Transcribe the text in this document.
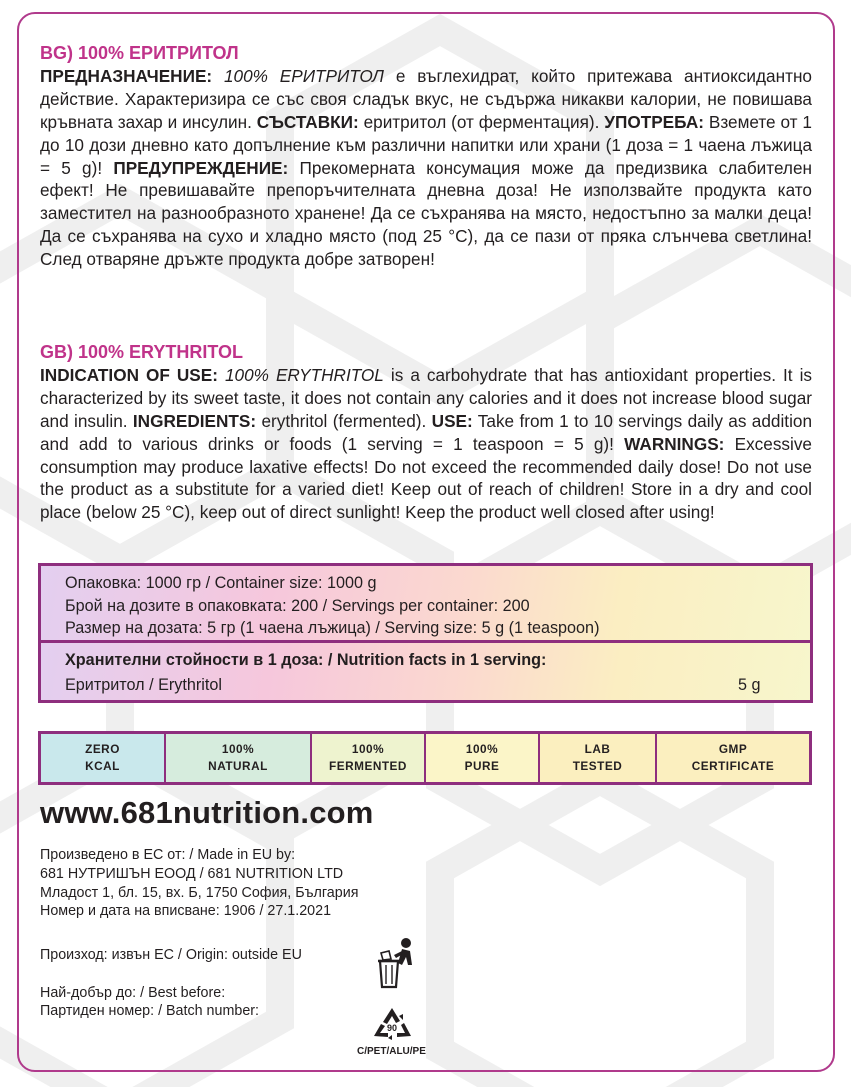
BG) 100% ЕРИТРИТОЛ
ПРЕДНАЗНАЧЕНИЕ: 100% ЕРИТРИТОЛ е въглехидрат, който притежава антиоксидантно действие. Характеризира се със своя сладък вкус, не съдържа никакви калории, не повишава кръвната захар и инсулин. СЪСТАВКИ: еритритол (от ферментация). УПОТРЕБА: Вземете от 1 до 10 дози дневно като допълнение към различни напитки или храни (1 доза = 1 чаена лъжица = 5 g)! ПРЕДУПРЕЖДЕНИЕ: Прекомерната консумация може да предизвика слабителен ефект! Не превишавайте препоръчителната дневна доза! Не използвайте продукта като заместител на разнообразното хранене! Да се съхранява на място, недостъпно за малки деца! Да се съхранява на сухо и хладно място (под 25 °C), да се пази от пряка слънчева светлина! След отваряне дръжте продукта добре затворен!
GB) 100% ERYTHRITOL
INDICATION OF USE: 100% ERYTHRITOL is a carbohydrate that has antioxidant properties. It is characterized by its sweet taste, it does not contain any calories and it does not increase blood sugar and insulin. INGREDIENTS: erythritol (fermented). USE: Take from 1 to 10 servings daily as addition and add to various drinks or foods (1 serving = 1 teaspoon = 5 g)! WARNINGS: Excessive consumption may produce laxative effects! Do not exceed the recommended daily dose! Do not use the product as a substitute for a varied diet! Keep out of reach of children! Store in a dry and cool place (below 25 °C), keep out of direct sunlight! Keep the product well closed after using!
Опаковка: 1000 гр / Container size: 1000 g
Брой на дозите в опаковката: 200 / Servings per container: 200
Размер на дозата: 5 гр (1 чаена лъжица) / Serving size: 5 g (1 teaspoon)
Хранителни стойности в 1 доза: / Nutrition facts in 1 serving:
Еритритол / Erythritol	5 g
ZERO
KCAL
100%
NATURAL
100%
FERMENTED
100%
PURE
LAB
TESTED
GMP
CERTIFICATE
www.681nutrition.com
Произведено в ЕС от: / Made in EU by:
681 НУТРИШЪН ЕООД / 681 NUTRITION LTD
Младост 1, бл. 15, вх. Б, 1750 София, България
Номер и дата на вписване: 1906 / 27.1.2021
Произход: извън ЕС / Origin: outside EU
Най-добър до: / Best before:
Партиден номер: / Batch number:
90
C/PET/ALU/PE
